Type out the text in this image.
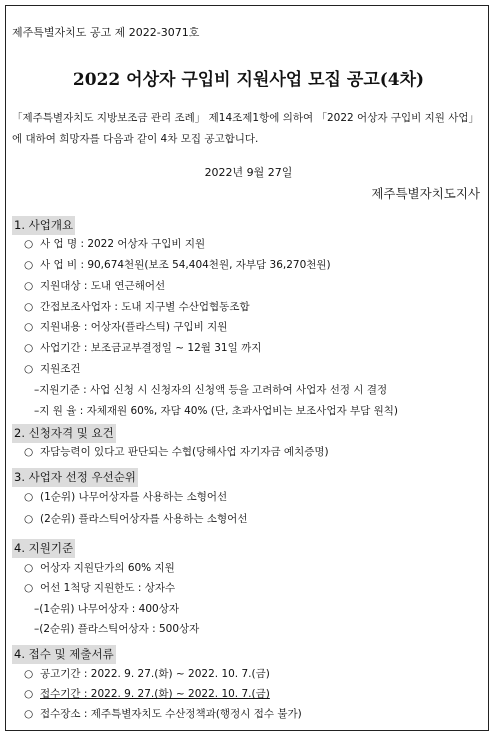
제주특별자치도 공고 제 2022-3071호
2022 어상자 구입비 지원사업 모집 공고(4차)
「제주특별자치도 지방보조금 관리 조례」 제14조제1항에 의하여 「2022 어상자 구입비 지원 사업」에 대하여 희망자를 다음과 같이 4차 모집 공고합니다.
2022년 9월 27일
제주특별자치도지사
1. 사업개요
○ 사 업 명 : 2022 어상자 구입비 지원
○ 사 업 비 : 90,674천원(보조 54,404천원, 자부담 36,270천원)
○ 지원대상 : 도내 연근해어선
○ 간접보조사업자 : 도내 지구별 수산업협동조합
○ 지원내용 : 어상자(플라스틱) 구입비 지원
○ 사업기간 : 보조금교부결정일 ~ 12월 31일 까지
○ 지원조건
–지원기준 : 사업 신청 시 신청자의 신청액 등을 고려하여 사업자 선정 시 결정
–지 원 율 : 자체재원 60%, 자담 40% (단, 초과사업비는 보조사업자 부담 원칙)
2. 신청자격 및 요건
○ 자담능력이 있다고 판단되는 수협(당해사업 자기자금 예치증명)
3. 사업자 선정 우선순위
○ (1순위) 나무어상자를 사용하는 소형어선
○ (2순위) 플라스틱어상자를 사용하는 소형어선
4. 지원기준
○ 어상자 지원단가의 60% 지원
○ 어선 1척당 지원한도 : 상자수
–(1순위) 나무어상자 : 400상자
–(2순위) 플라스틱어상자 : 500상자
4. 접수 및 제출서류
○ 공고기간 : 2022. 9. 27.(화) ~ 2022. 10. 7.(금)
○ 접수기간 : 2022. 9. 27.(화) ~ 2022. 10. 7.(금)
○ 접수장소 : 제주특별자치도 수산정책과(행정시 접수 불가)
